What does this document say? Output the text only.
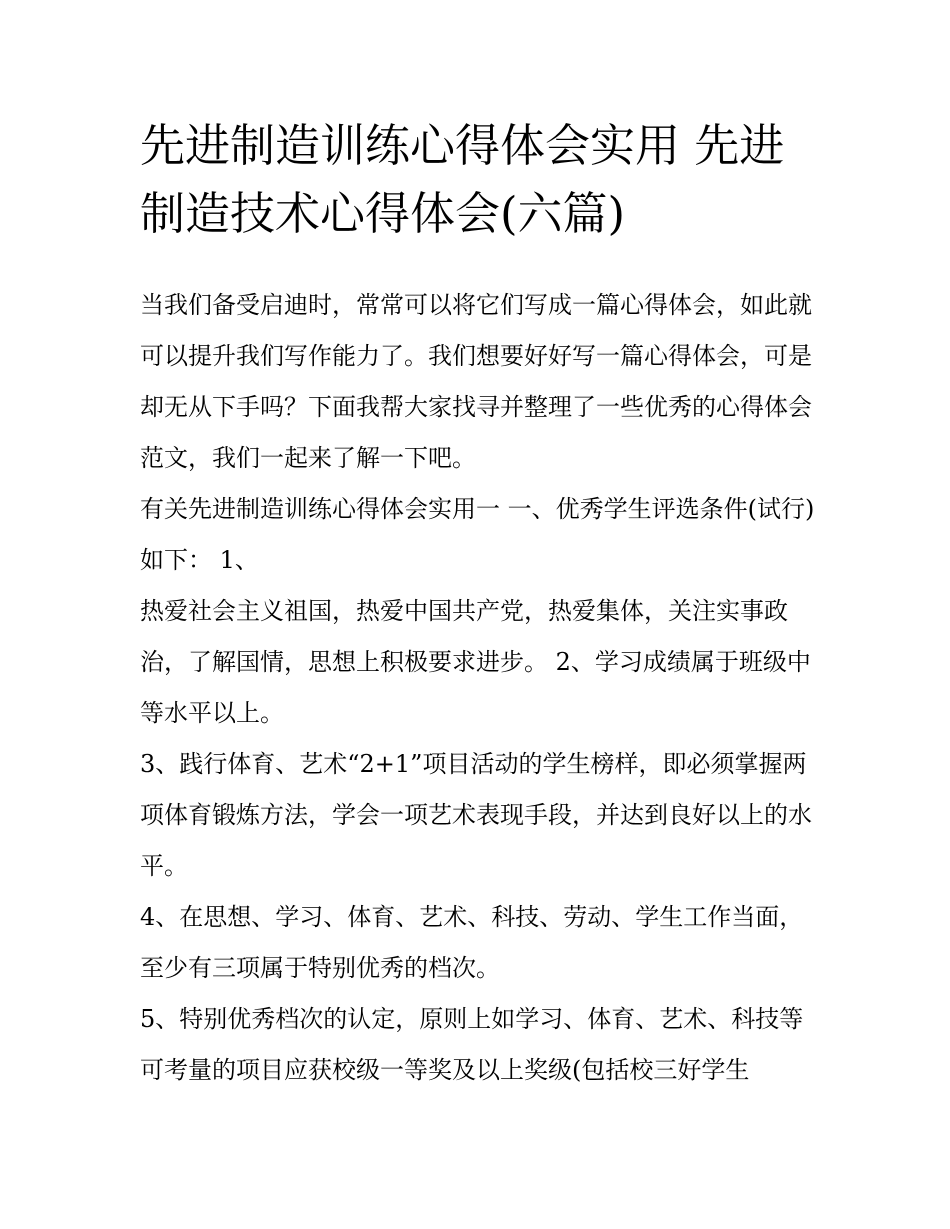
先进制造训练心得体会实用 先进制造技术心得体会(六篇)

当我们备受启迪时，常常可以将它们写成一篇心得体会，如此就可以提升我们写作能力了。我们想要好好写一篇心得体会，可是却无从下手吗？下面我帮大家找寻并整理了一些优秀的心得体会范文，我们一起来了解一下吧。

有关先进制造训练心得体会实用一 一、优秀学生评选条件(试行)如下： 1、

热爱社会主义祖国，热爱中国共产党，热爱集体，关注实事政治，了解国情，思想上积极要求进步。 2、学习成绩属于班级中等水平以上。

3、践行体育、艺术“2+1”项目活动的学生榜样，即必须掌握两项体育锻炼方法，学会一项艺术表现手段，并达到良好以上的水平。

4、在思想、学习、体育、艺术、科技、劳动、学生工作当面，至少有三项属于特别优秀的档次。

5、特别优秀档次的认定，原则上如学习、体育、艺术、科技等可考量的项目应获校级一等奖及以上奖级(包括校三好学生
